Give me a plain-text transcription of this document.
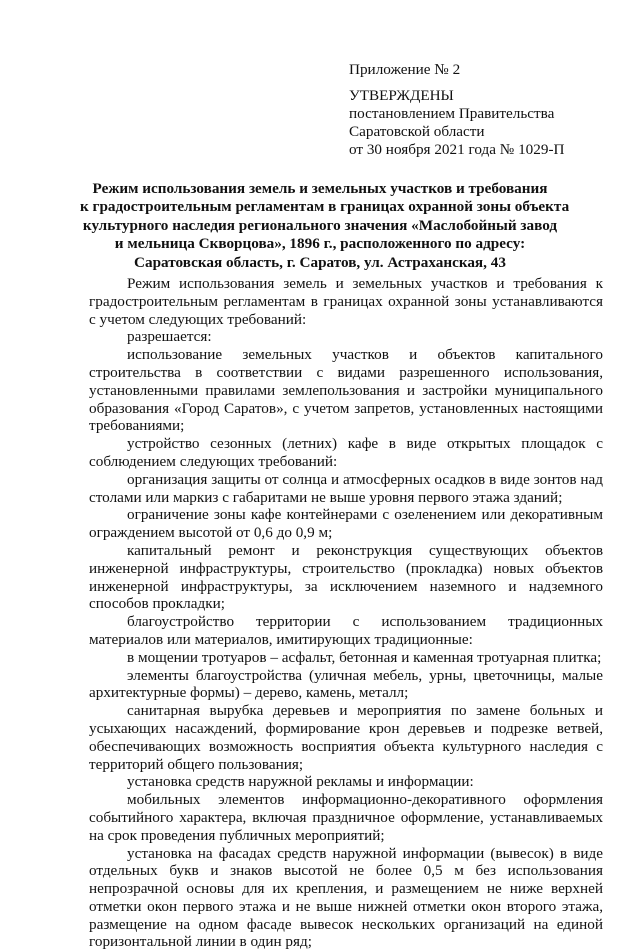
Приложение № 2
УТВЕРЖДЕНЫ
постановлением Правительства
Саратовской области
от 30 ноября 2021 года № 1029-П
Режим использования земель и земельных участков и требования
к градостроительным регламентам в границах охранной зоны объекта
культурного наследия регионального значения «Маслобойный завод
и мельница Скворцова», 1896 г., расположенного по адресу:
Саратовская область, г. Саратов, ул. Астраханская, 43

Режим использования земель и земельных участков и требования к градостроительным регламентам в границах охранной зоны устанавливаются с учетом следующих требований:

разрешается:

использование земельных участков и объектов капитального строительства в соответствии с видами разрешенного использования, установленными правилами землепользования и застройки муниципального образования «Город Саратов», с учетом запретов, установленных настоящими требованиями;

устройство сезонных (летних) кафе в виде открытых площадок с соблюдением следующих требований:

организация защиты от солнца и атмосферных осадков в виде зонтов над столами или маркиз с габаритами не выше уровня первого этажа зданий;

ограничение зоны кафе контейнерами с озеленением или декоративным ограждением высотой от 0,6 до 0,9 м;

капитальный ремонт и реконструкция существующих объектов инженерной инфраструктуры, строительство (прокладка) новых объектов инженерной инфраструктуры, за исключением наземного и надземного способов прокладки;

благоустройство территории с использованием традиционных материалов или материалов, имитирующих традиционные:

в мощении тротуаров – асфальт, бетонная и каменная тротуарная плитка;

элементы благоустройства (уличная мебель, урны, цветочницы, малые архитектурные формы) – дерево, камень, металл;

санитарная вырубка деревьев и мероприятия по замене больных и усыхающих насаждений, формирование крон деревьев и подрезке ветвей, обеспечивающих возможность восприятия объекта культурного наследия с территорий общего пользования;

установка средств наружной рекламы и информации:

мобильных элементов информационно-декоративного оформления событийного характера, включая праздничное оформление, устанавливаемых на срок проведения публичных мероприятий;

установка на фасадах средств наружной информации (вывесок) в виде отдельных букв и знаков высотой не более 0,5 м без использования непрозрачной основы для их крепления, и размещением не ниже верхней отметки окон первого этажа и не выше нижней отметки окон второго этажа, размещение на одном фасаде вывесок нескольких организаций на единой горизонтальной линии в один ряд;
